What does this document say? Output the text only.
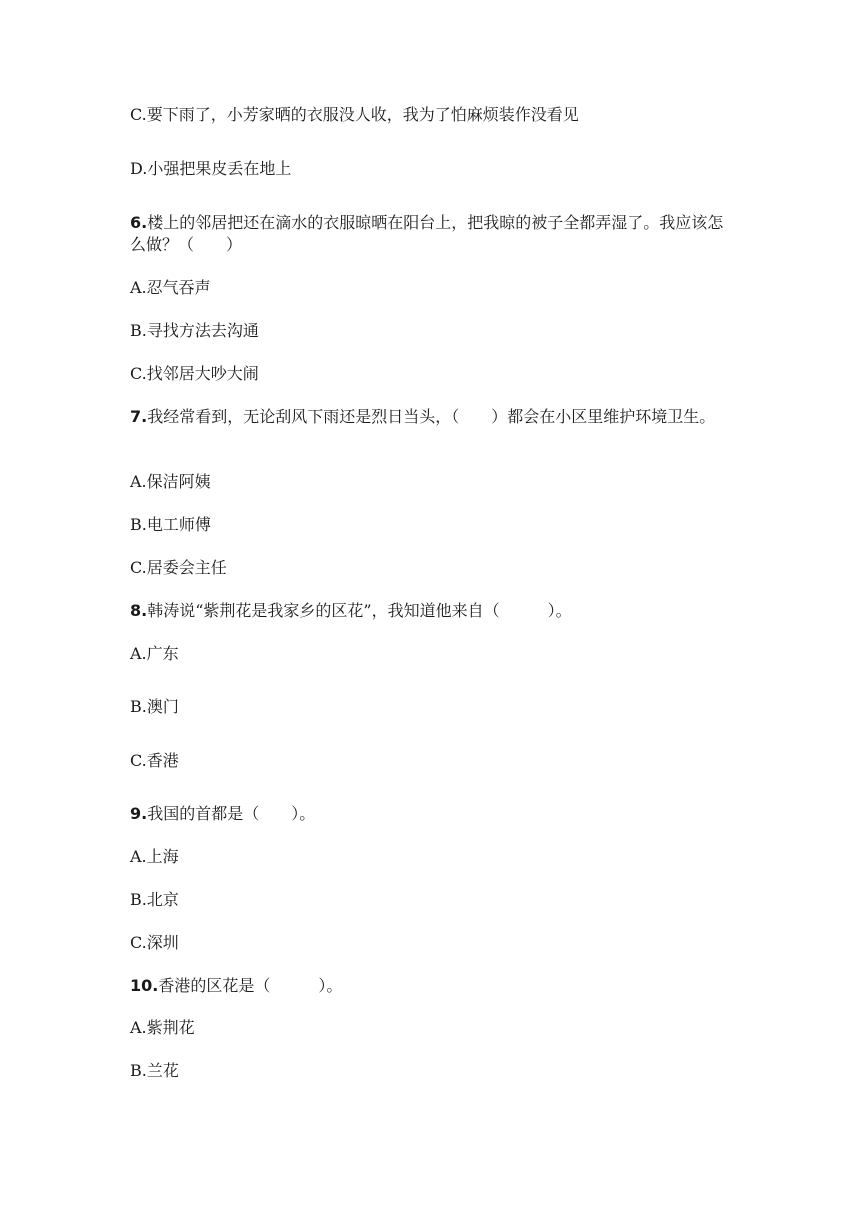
C.要下雨了，小芳家晒的衣服没人收，我为了怕麻烦装作没看见
D.小强把果皮丢在地上
6.楼上的邻居把还在滴水的衣服晾晒在阳台上，把我晾的被子全都弄湿了。我应该怎么做？（　　）
A.忍气吞声
B.寻找方法去沟通
C.找邻居大吵大闹
7.我经常看到，无论刮风下雨还是烈日当头，（　　）都会在小区里维护环境卫生。
A.保洁阿姨
B.电工师傅
C.居委会主任
8.韩涛说“紫荆花是我家乡的区花”，我知道他来自（　　　）。
A.广东
B.澳门
C.香港
9.我国的首都是（　　）。
A.上海
B.北京
C.深圳
10.香港的区花是（　　　）。
A.紫荆花
B.兰花
